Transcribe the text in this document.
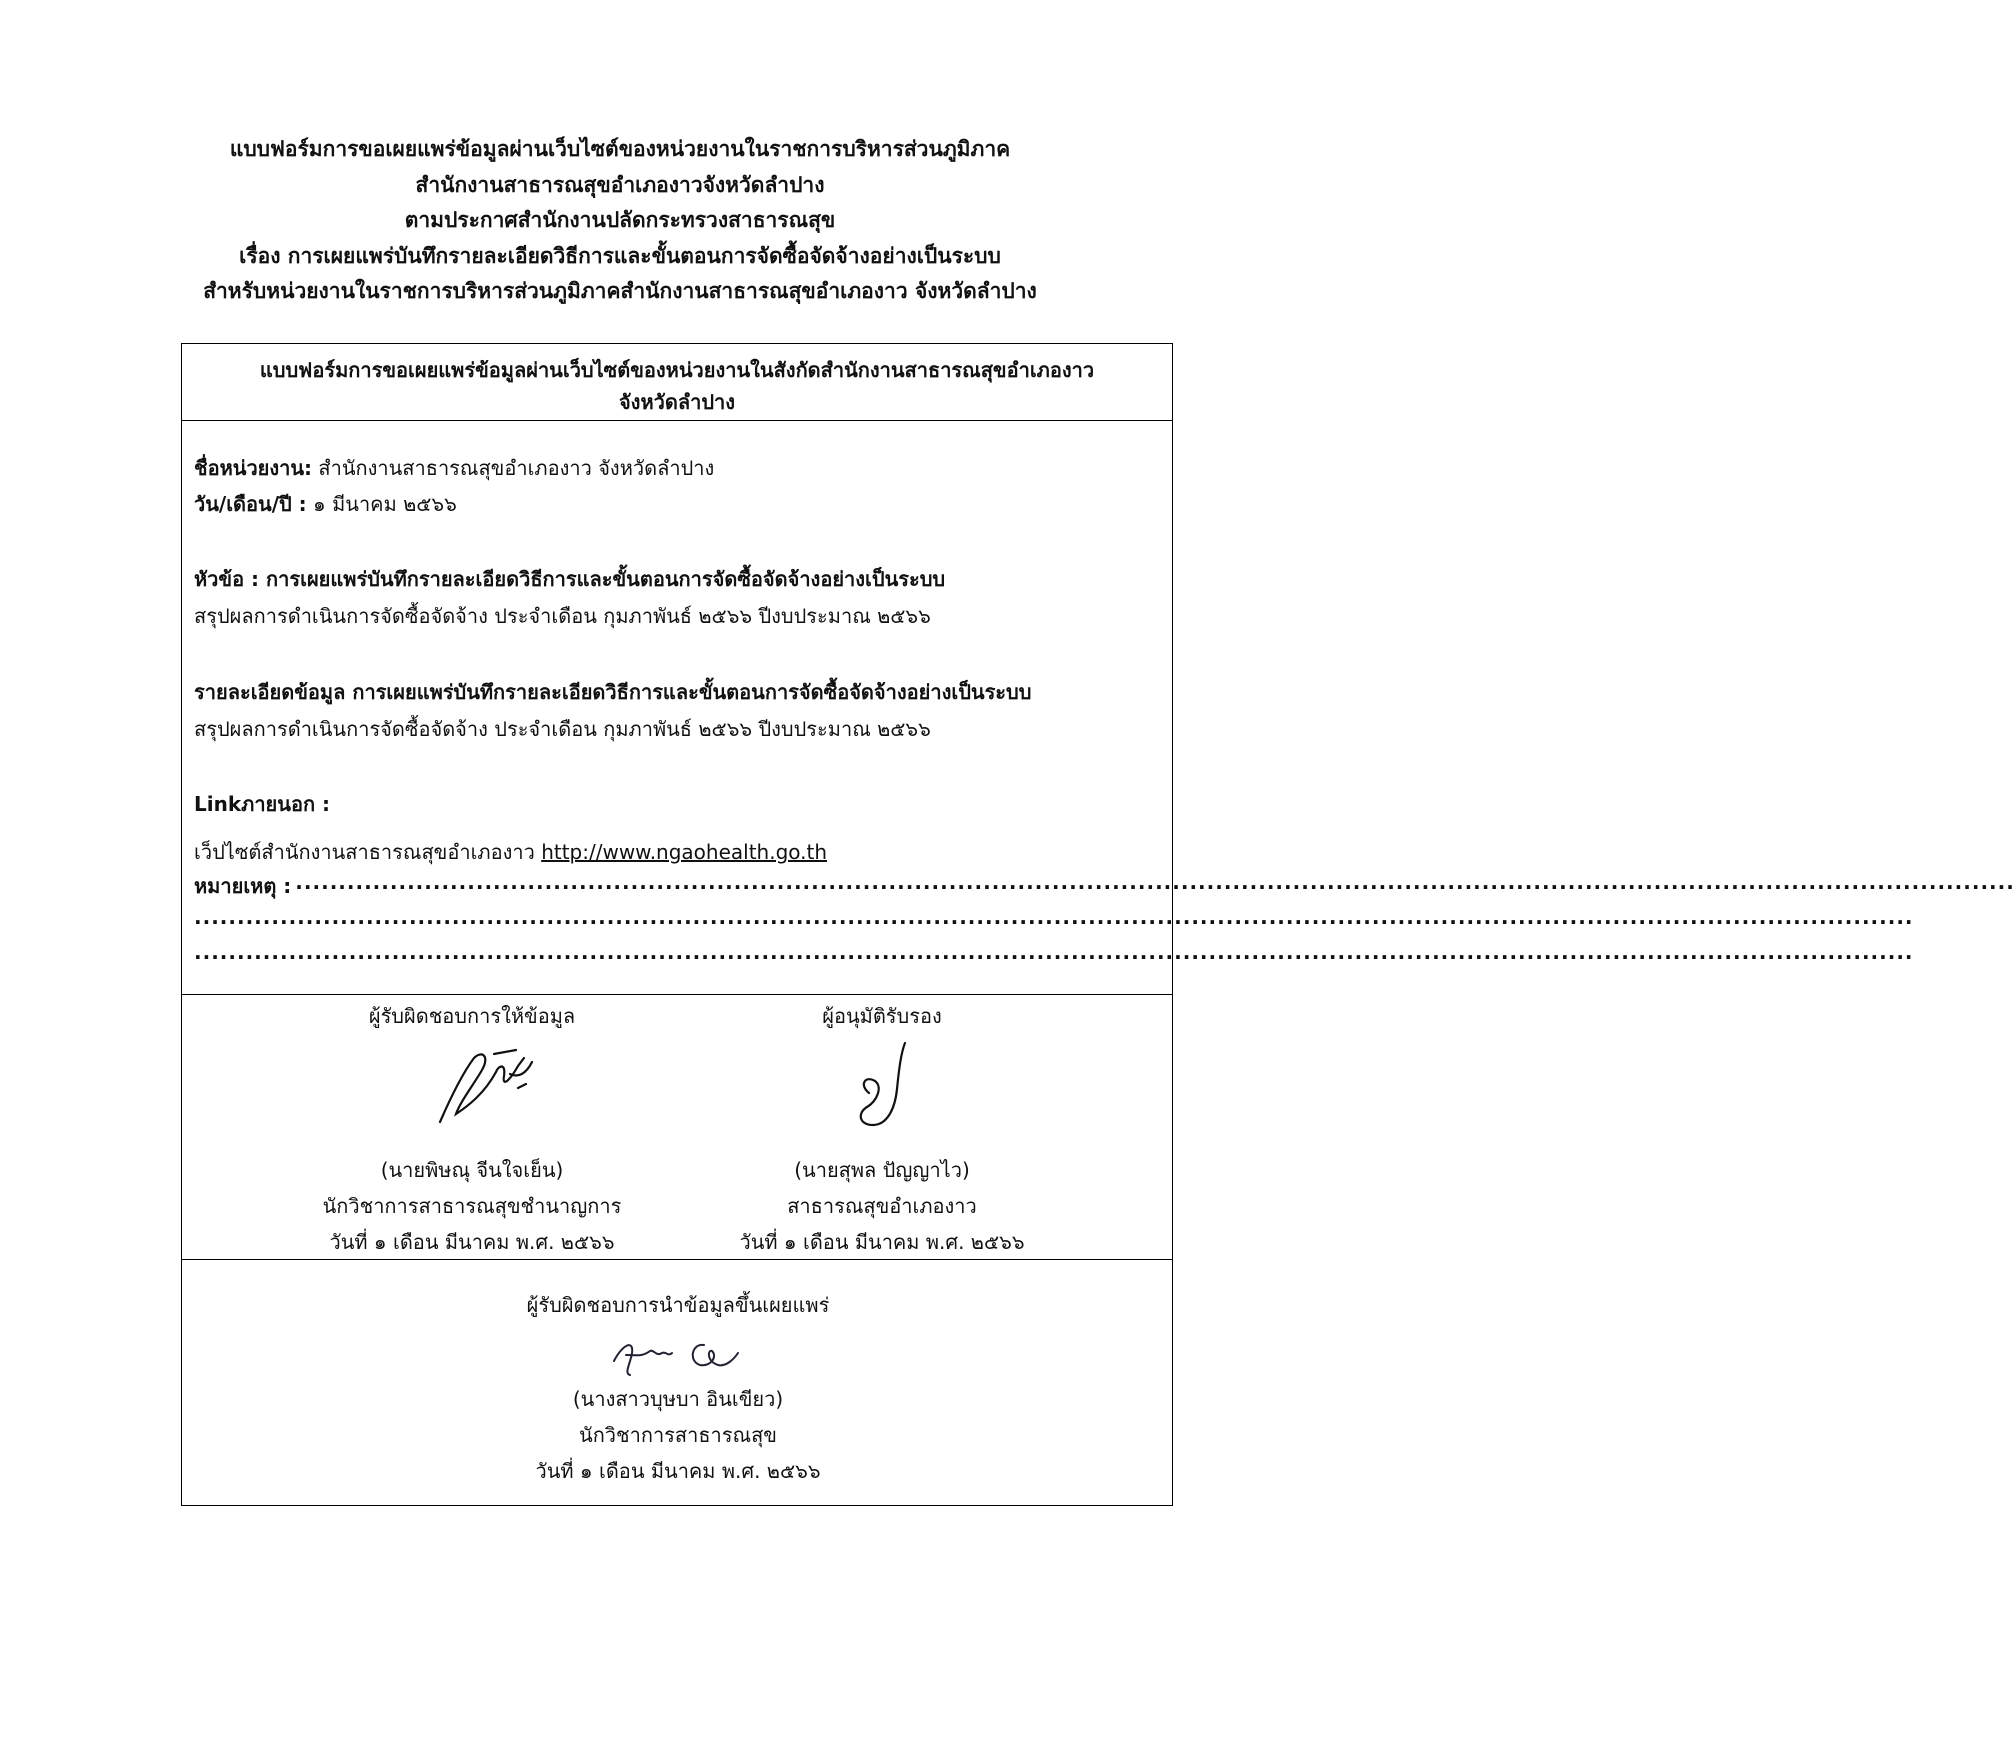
แบบฟอร์มการขอเผยแพร่ข้อมูลผ่านเว็บไซต์ของหน่วยงานในราชการบริหารส่วนภูมิภาค
สำนักงานสาธารณสุขอำเภองาวจังหวัดลำปาง
ตามประกาศสำนักงานปลัดกระทรวงสาธารณสุข
เรื่อง การเผยแพร่บันทึกรายละเอียดวิธีการและขั้นตอนการจัดซื้อจัดจ้างอย่างเป็นระบบ
สำหรับหน่วยงานในราชการบริหารส่วนภูมิภาคสำนักงานสาธารณสุขอำเภองาว จังหวัดลำปาง
แบบฟอร์มการขอเผยแพร่ข้อมูลผ่านเว็บไซต์ของหน่วยงานในสังกัดสำนักงานสาธารณสุขอำเภองาว
จังหวัดลำปาง
ชื่อหน่วยงาน: สำนักงานสาธารณสุขอำเภองาว จังหวัดลำปาง
วัน/เดือน/ปี : ๑ มีนาคม ๒๕๖๖
หัวข้อ : การเผยแพร่บันทึกรายละเอียดวิธีการและขั้นตอนการจัดซื้อจัดจ้างอย่างเป็นระบบ
สรุปผลการดำเนินการจัดซื้อจัดจ้าง ประจำเดือน กุมภาพันธ์ ๒๕๖๖ ปีงบประมาณ ๒๕๖๖
รายละเอียดข้อมูล การเผยแพร่บันทึกรายละเอียดวิธีการและขั้นตอนการจัดซื้อจัดจ้างอย่างเป็นระบบ
สรุปผลการดำเนินการจัดซื้อจัดจ้าง ประจำเดือน กุมภาพันธ์ ๒๕๖๖ ปีงบประมาณ ๒๕๖๖
Linkภายนอก :
เว็ปไซต์สำนักงานสาธารณสุขอำเภองาว http://www.ngaohealth.go.th
หมายเหตุ : ........................................................................................................................................................................................................
........................................................................................................................................................................................................
........................................................................................................................................................................................................
ผู้รับผิดชอบการให้ข้อมูล
(นายพิษณุ จีนใจเย็น)
นักวิชาการสาธารณสุขชำนาญการ
วันที่ ๑ เดือน มีนาคม พ.ศ. ๒๕๖๖
ผู้อนุมัติรับรอง
(นายสุพล ปัญญาไว)
สาธารณสุขอำเภองาว
วันที่ ๑ เดือน มีนาคม พ.ศ. ๒๕๖๖
ผู้รับผิดชอบการนำข้อมูลขึ้นเผยแพร่
(นางสาวบุษบา อินเขียว)
นักวิชาการสาธารณสุข
วันที่ ๑ เดือน มีนาคม พ.ศ. ๒๕๖๖
